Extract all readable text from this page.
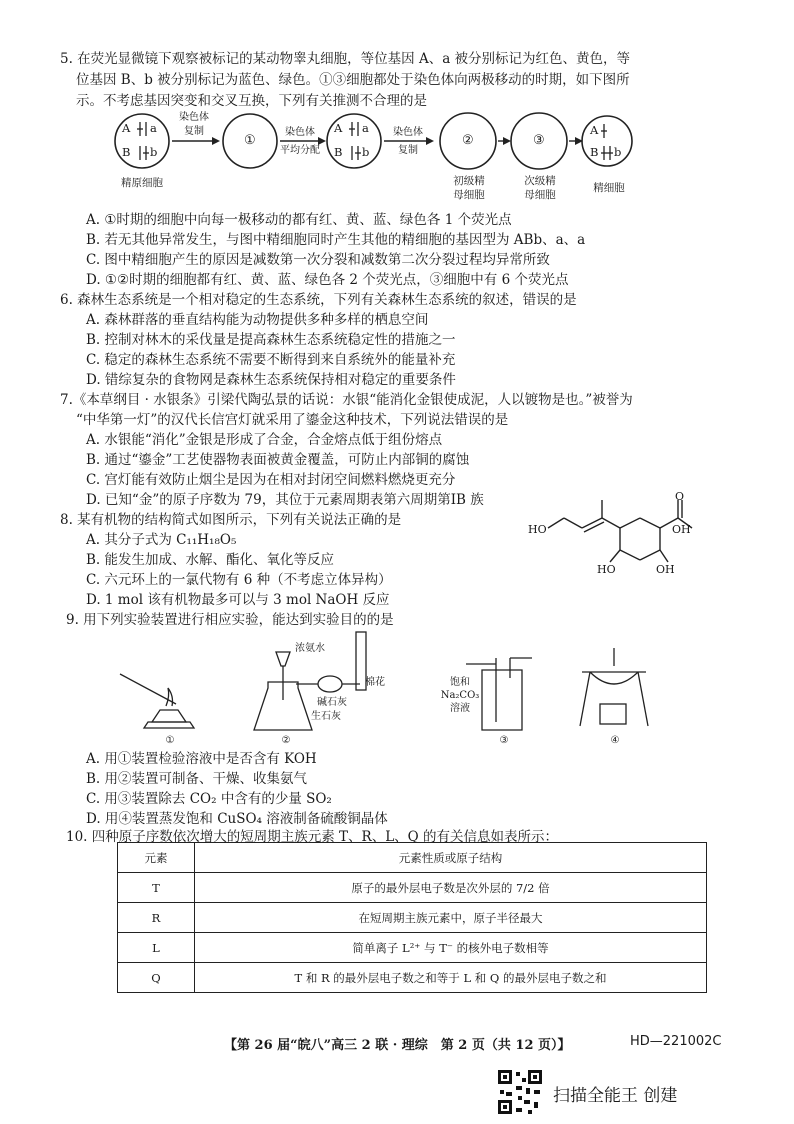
5. 在荧光显微镜下观察被标记的某动物睾丸细胞，等位基因 A、a 被分别标记为红色、黄色，等
位基因 B、b 被分别标记为蓝色、绿色。①③细胞都处于染色体向两极移动的时期，如下图所
示。不考虑基因突变和交叉互换，下列有关推测不合理的是
A a
B b
A a
B b
A
B b
①	②	③
染色体
复制	染色体
平均分配
染色体
复制
精原细胞	初级精
母细胞
次级精
母细胞
精细胞
A. ①时期的细胞中向每一极移动的都有红、黄、蓝、绿色各 1 个荧光点
B. 若无其他异常发生，与图中精细胞同时产生其他的精细胞的基因型为 ABb、a、a
C. 图中精细胞产生的原因是减数第一次分裂和减数第二次分裂过程均异常所致
D. ①②时期的细胞都有红、黄、蓝、绿色各 2 个荧光点，③细胞中有 6 个荧光点
6. 森林生态系统是一个相对稳定的生态系统，下列有关森林生态系统的叙述，错误的是
A. 森林群落的垂直结构能为动物提供多种多样的栖息空间
B. 控制对林木的采伐量是提高森林生态系统稳定性的措施之一
C. 稳定的森林生态系统不需要不断得到来自系统外的能量补充
D. 错综复杂的食物网是森林生态系统保持相对稳定的重要条件
7.《本草纲目 · 水银条》引梁代陶弘景的话说：水银“能消化金银使成泥，人以镀物是也。”被誉为
“中华第一灯”的汉代长信宫灯就采用了鎏金这种技术，下列说法错误的是
A. 水银能“消化”金银是形成了合金，合金熔点低于组份熔点
B. 通过“鎏金”工艺使器物表面被黄金覆盖，可防止内部铜的腐蚀
C. 宫灯能有效防止烟尘是因为在相对封闭空间燃料燃烧更充分
D. 已知“金”的原子序数为 79，其位于元素周期表第六周期第ⅠB 族
8. 某有机物的结构简式如图所示，下列有关说法正确的是
A. 其分子式为 C₁₁H₁₈O₅
B. 能发生加成、水解、酯化、氧化等反应
C. 六元环上的一氯代物有 6 种（不考虑立体异构）
D. 1 mol 该有机物最多可以与 3 mol NaOH 反应
HO
HO	OH
OH
O
9. 用下列实验装置进行相应实验，能达到实验目的的是
浓氨水
棉花
碱石灰
生石灰
饱和
Na₂CO₃
溶液
①	②	③	④
A. 用①装置检验溶液中是否含有 KOH
B. 用②装置可制备、干燥、收集氨气
C. 用③装置除去 CO₂ 中含有的少量 SO₂
D. 用④装置蒸发饱和 CuSO₄ 溶液制备硫酸铜晶体
10. 四种原子序数依次增大的短周期主族元素 T、R、L、Q 的有关信息如表所示：
元素	元素性质或原子结构
T	原子的最外层电子数是次外层的 7/2 倍
R	在短周期主族元素中，原子半径最大
L	简单离子 L²⁺ 与 T⁻ 的核外电子数相等
Q	T 和 R 的最外层电子数之和等于 L 和 Q 的最外层电子数之和
【第 26 届“皖八”高三 2 联 · 理综　第 2 页（共 12 页）】	HD—221002C
扫描全能王 创建
